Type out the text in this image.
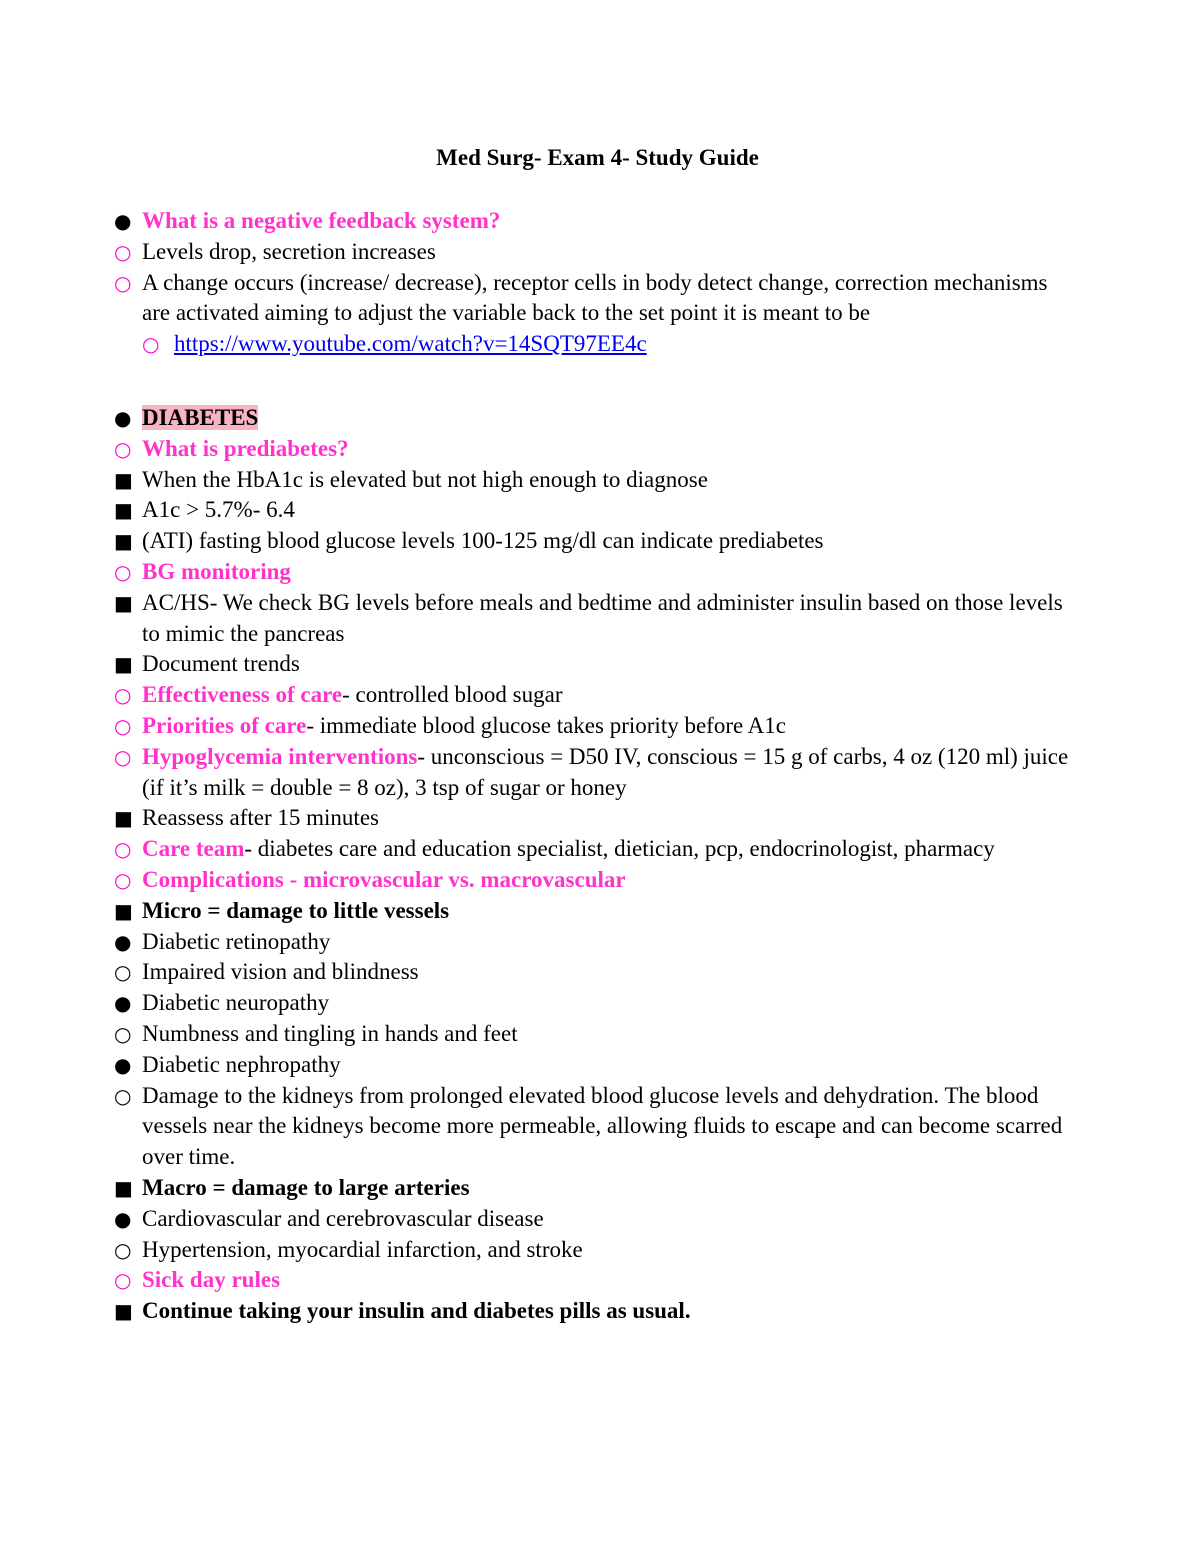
Med Surg- Exam 4- Study Guide

● What is a negative feedback system?

○ Levels drop, secretion increases

○ A change occurs (increase/ decrease), receptor cells in body detect change, correction mechanisms are activated aiming to adjust the variable back to the set point it is meant to be

○ https://www.youtube.com/watch?v=14SQT97EE4c

● DIABETES

○ What is prediabetes?

■ When the HbA1c is elevated but not high enough to diagnose

■ A1c > 5.7%- 6.4

■ (ATI) fasting blood glucose levels 100-125 mg/dl can indicate prediabetes

○ BG monitoring

■ AC/HS- We check BG levels before meals and bedtime and administer insulin based on those levels to mimic the pancreas

■ Document trends

○ Effectiveness of care- controlled blood sugar

○ Priorities of care- immediate blood glucose takes priority before A1c

○ Hypoglycemia interventions- unconscious = D50 IV, conscious = 15 g of carbs, 4 oz (120 ml) juice (if it’s milk = double = 8 oz), 3 tsp of sugar or honey

■ Reassess after 15 minutes

○ Care team- diabetes care and education specialist, dietician, pcp, endocrinologist, pharmacy

○ Complications - microvascular vs. macrovascular

■ Micro = damage to little vessels

● Diabetic retinopathy

○ Impaired vision and blindness

● Diabetic neuropathy

○ Numbness and tingling in hands and feet

● Diabetic nephropathy

○ Damage to the kidneys from prolonged elevated blood glucose levels and dehydration. The blood vessels near the kidneys become more permeable, allowing fluids to escape and can become scarred over time.

■ Macro = damage to large arteries

● Cardiovascular and cerebrovascular disease

○ Hypertension, myocardial infarction, and stroke

○ Sick day rules

■ Continue taking your insulin and diabetes pills as usual.
